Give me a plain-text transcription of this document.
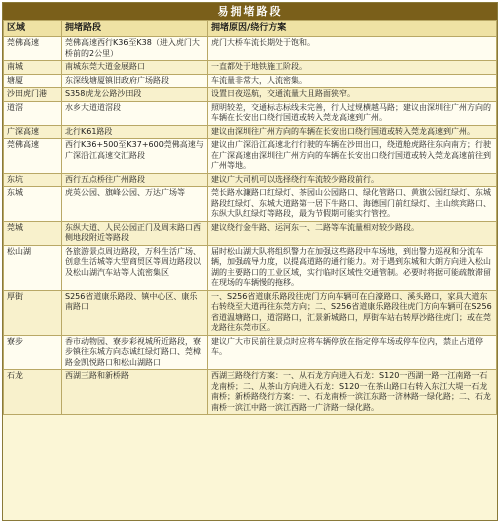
易拥堵路段
区域	拥堵路段	拥堵原因/绕行方案
莞佛高速	莞佛高速西行K36至K38（进入虎门大桥前的2公里）	虎门大桥车流长期处于饱和。
南城	南城东莞大道金展路口	一直都处于地铁施工阶段。
塘厦	东深线塘厦镇旧政府广场路段	车流量非常大，人流密集。
沙田虎门港	S358虎龙公路沙田段	设置日夜巡航，交通流量大且路面狭窄。
道滘	水乡大道道滘段	照明较差，交通标志标线未完善，行人过规横越马路；建议由深圳往广州方向的车辆在长安出口绕行国道或转入莞龙高速到广州。
广深高速	北行K61路段	建议由深圳往广州方向的车辆在长安出口绕行国道或转入莞龙高速到广州。
莞佛高速	西行K36+500至K37+600莞佛高速与广深沿江高速交汇路段	建议由广深沿江高速北行行驶的车辆在沙田出口，绕道舱虎路往东向南方；行驶在广深高速由深圳往广州方向的车辆在长安出口绕行国道或转入莞龙高速前往到广州等地。
东坑	西行五点桥往广州路段	建议广大司机可以选择绕行车流较少路段前行。
东城	虎英公园、旗峰公园、万达广场等	莞长路水濂路口红绿灯、茶园山公园路口、绿化管路口、黄旗公园红绿灯、东城路段红绿灯、东城大道路第一居下牛路口、海德国门前红绿灯、主山缤宾路口、东纵大队红绿灯等路段，最为节假期可能实行管控。
莞城	东纵大道、人民公园正门及周末路口西侧地段附近等路段	建议绕行金牛路、运河东一、二路等车流量相对较少路段。
松山湖	各旅游景点周边路段，万科生活广场、创意生活城等大型商贸区等周边路段以及松山湖汽车站等人流密集区	届时松山湖大队将组织警力在加强这些路段中车场地，到出警力巡视和分流车辆，加强疏导力度，以提高道路的通行能力。对于遇到东城和大朗方向进入松山湖的主要路口的工业区域，实行临时区域性交通管制。必要时将据可能疏散滞留在现场的车辆慢的拖移。
厚街	S256省道康乐路段、镇中心区、康乐南路口	一、S256省道康乐路段往虎门方向车辆可在白濠路口、溪头路口，家具大道东右转绕至大道再往东莞方向；二、S256省道康乐路段往虎门方向车辆可在S256省道温塘路口，道滘路口，汇景新城路口，厚街车站右转厚沙路往虎门；或在莞龙路往东莞市区。
寮步	香市动物园、寮步彩视城所近路段，寮步镇往东城方向态诚红绿灯路口、莞樟路金凯悦路口和松山湖路口	建议广大市民前往景点时应将车辆停放在指定停车场或停车位内，禁止占道停车。
石龙	西湖三路和新桥路	西湖三路绕行方案：一、从石龙方向进入石龙：S120一西湖一路一江南路一石龙南桥；二、从茶山方向进入石龙：S120一在茶山路口右转入东江大堤一石龙南桥；新桥路绕行方案：一、石龙南桥一滨江东路一济林路一绿化路；二、石龙南桥一滨江中路一滨江西路一广济路一绿化路。
